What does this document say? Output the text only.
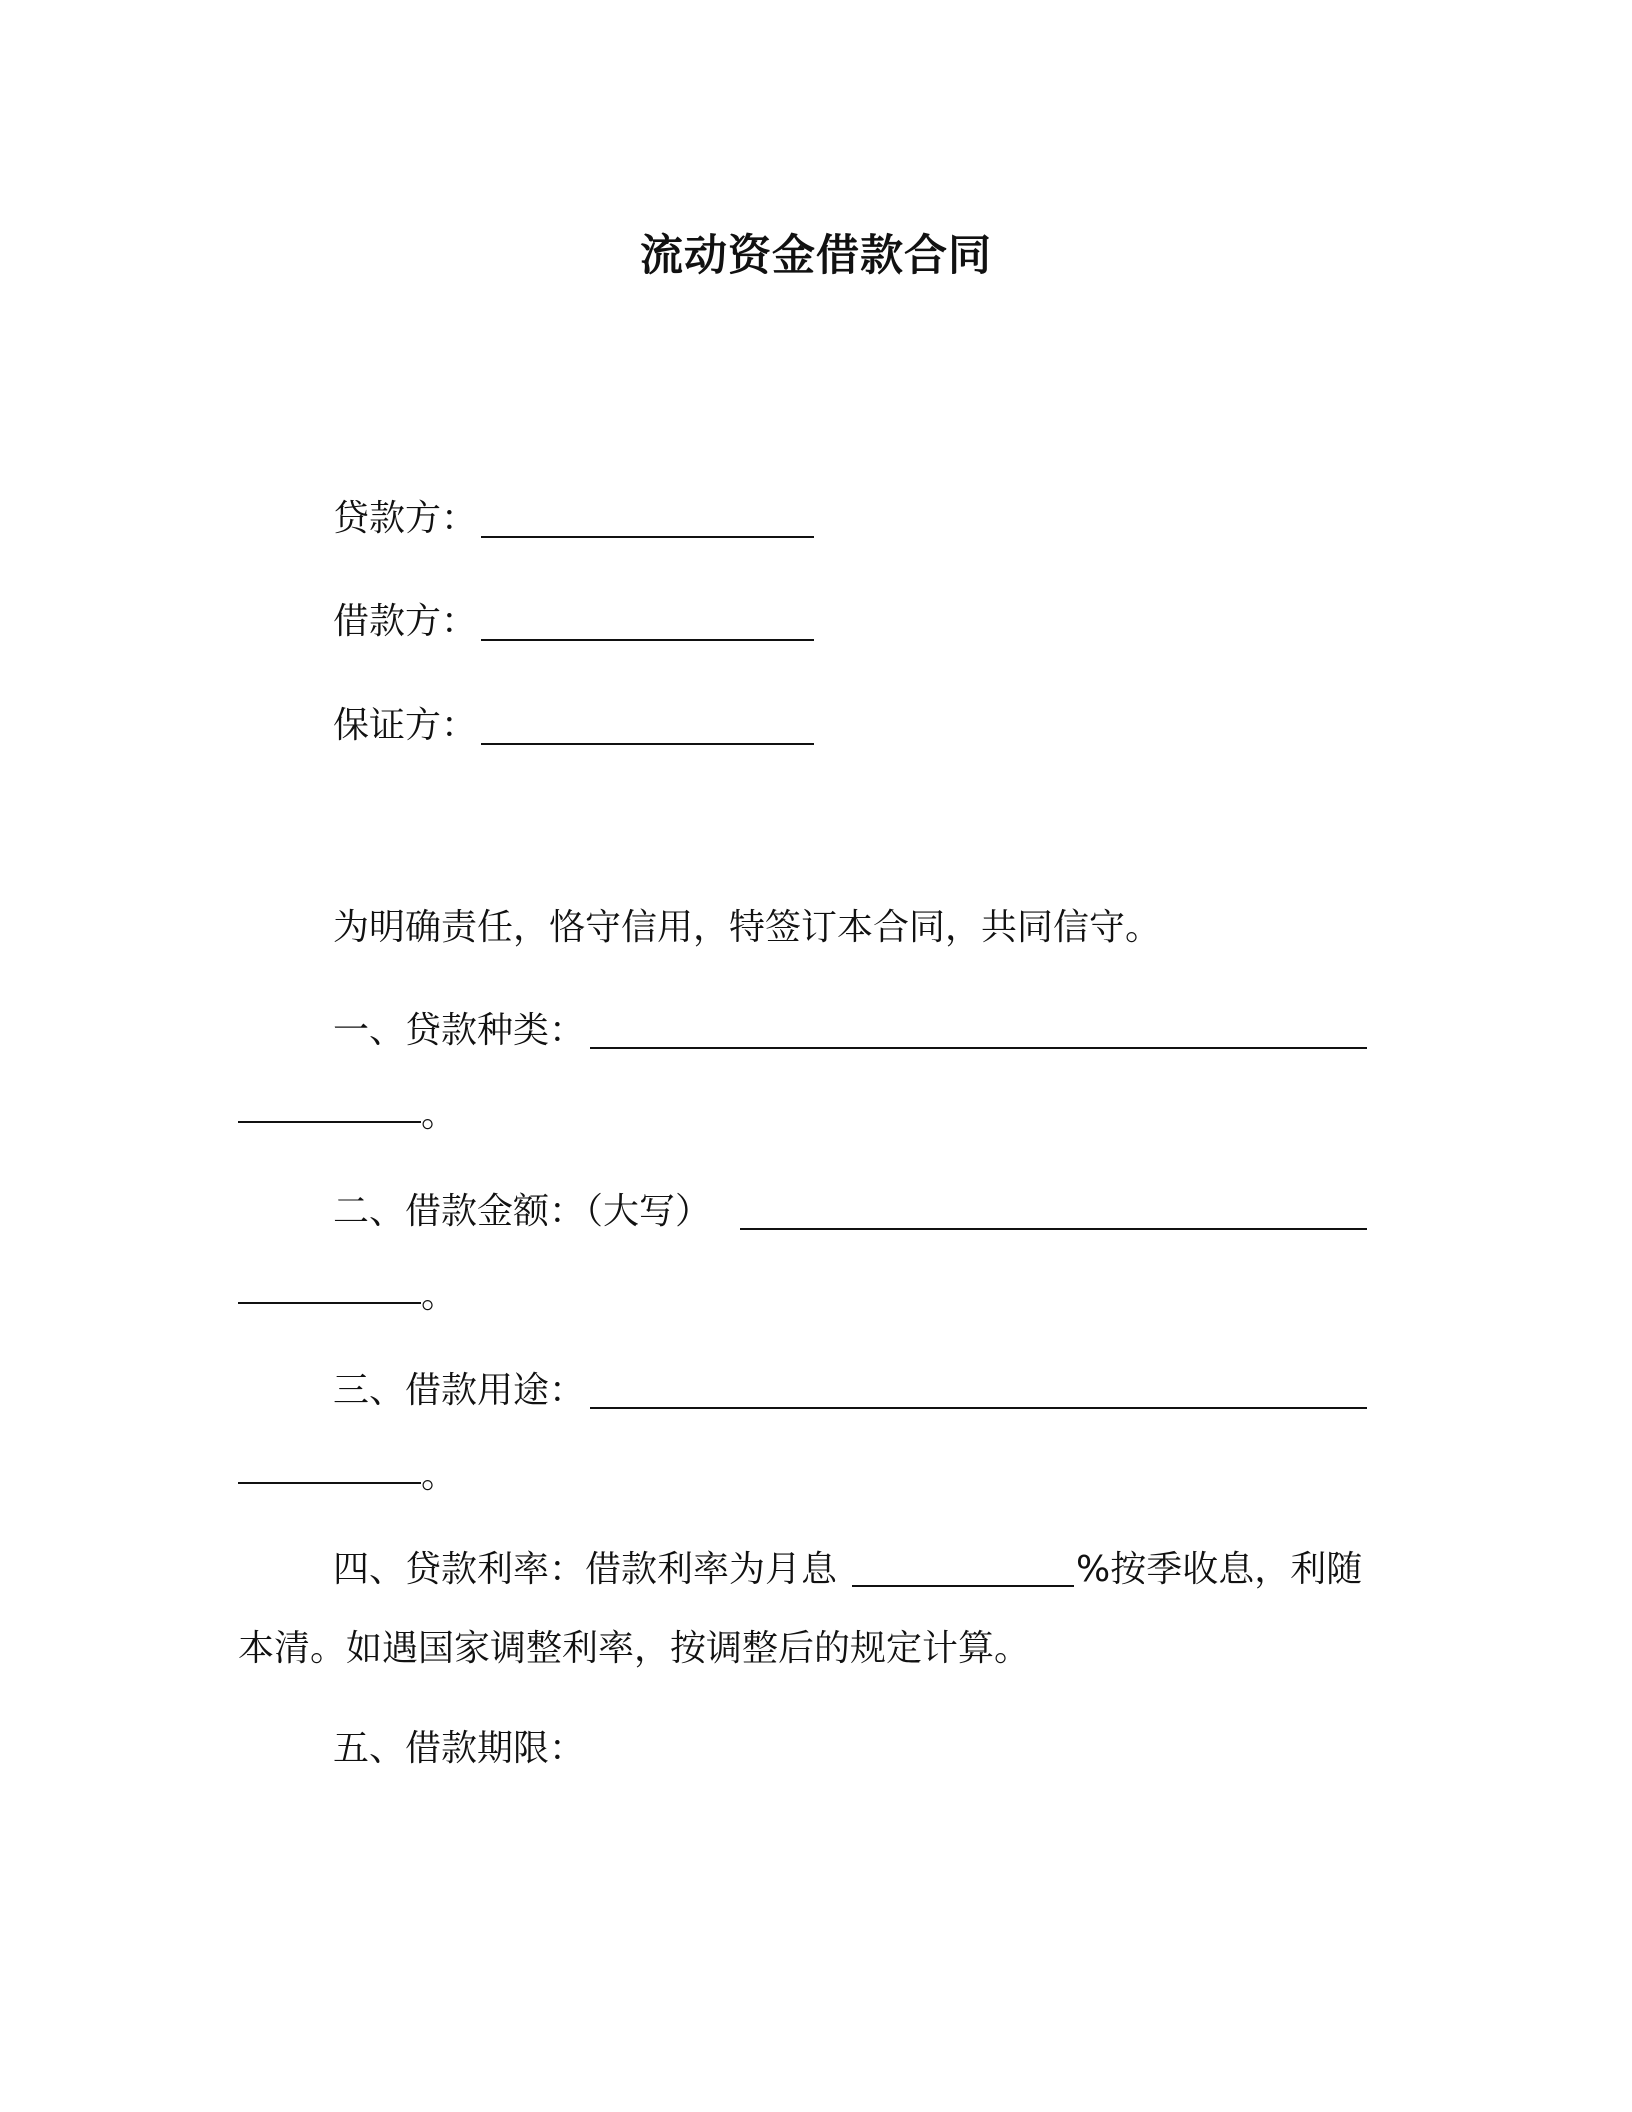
流动资金借款合同
贷款方：
借款方：
保证方：
为明确责任，恪守信用，特签订本合同，共同信守。
一、贷款种类：
。
二、借款金额：（大写）
。
三、借款用途：
。
四、贷款利率：借款利率为月息	%按季收息，利随
本清。如遇国家调整利率，按调整后的规定计算。
五、借款期限：
